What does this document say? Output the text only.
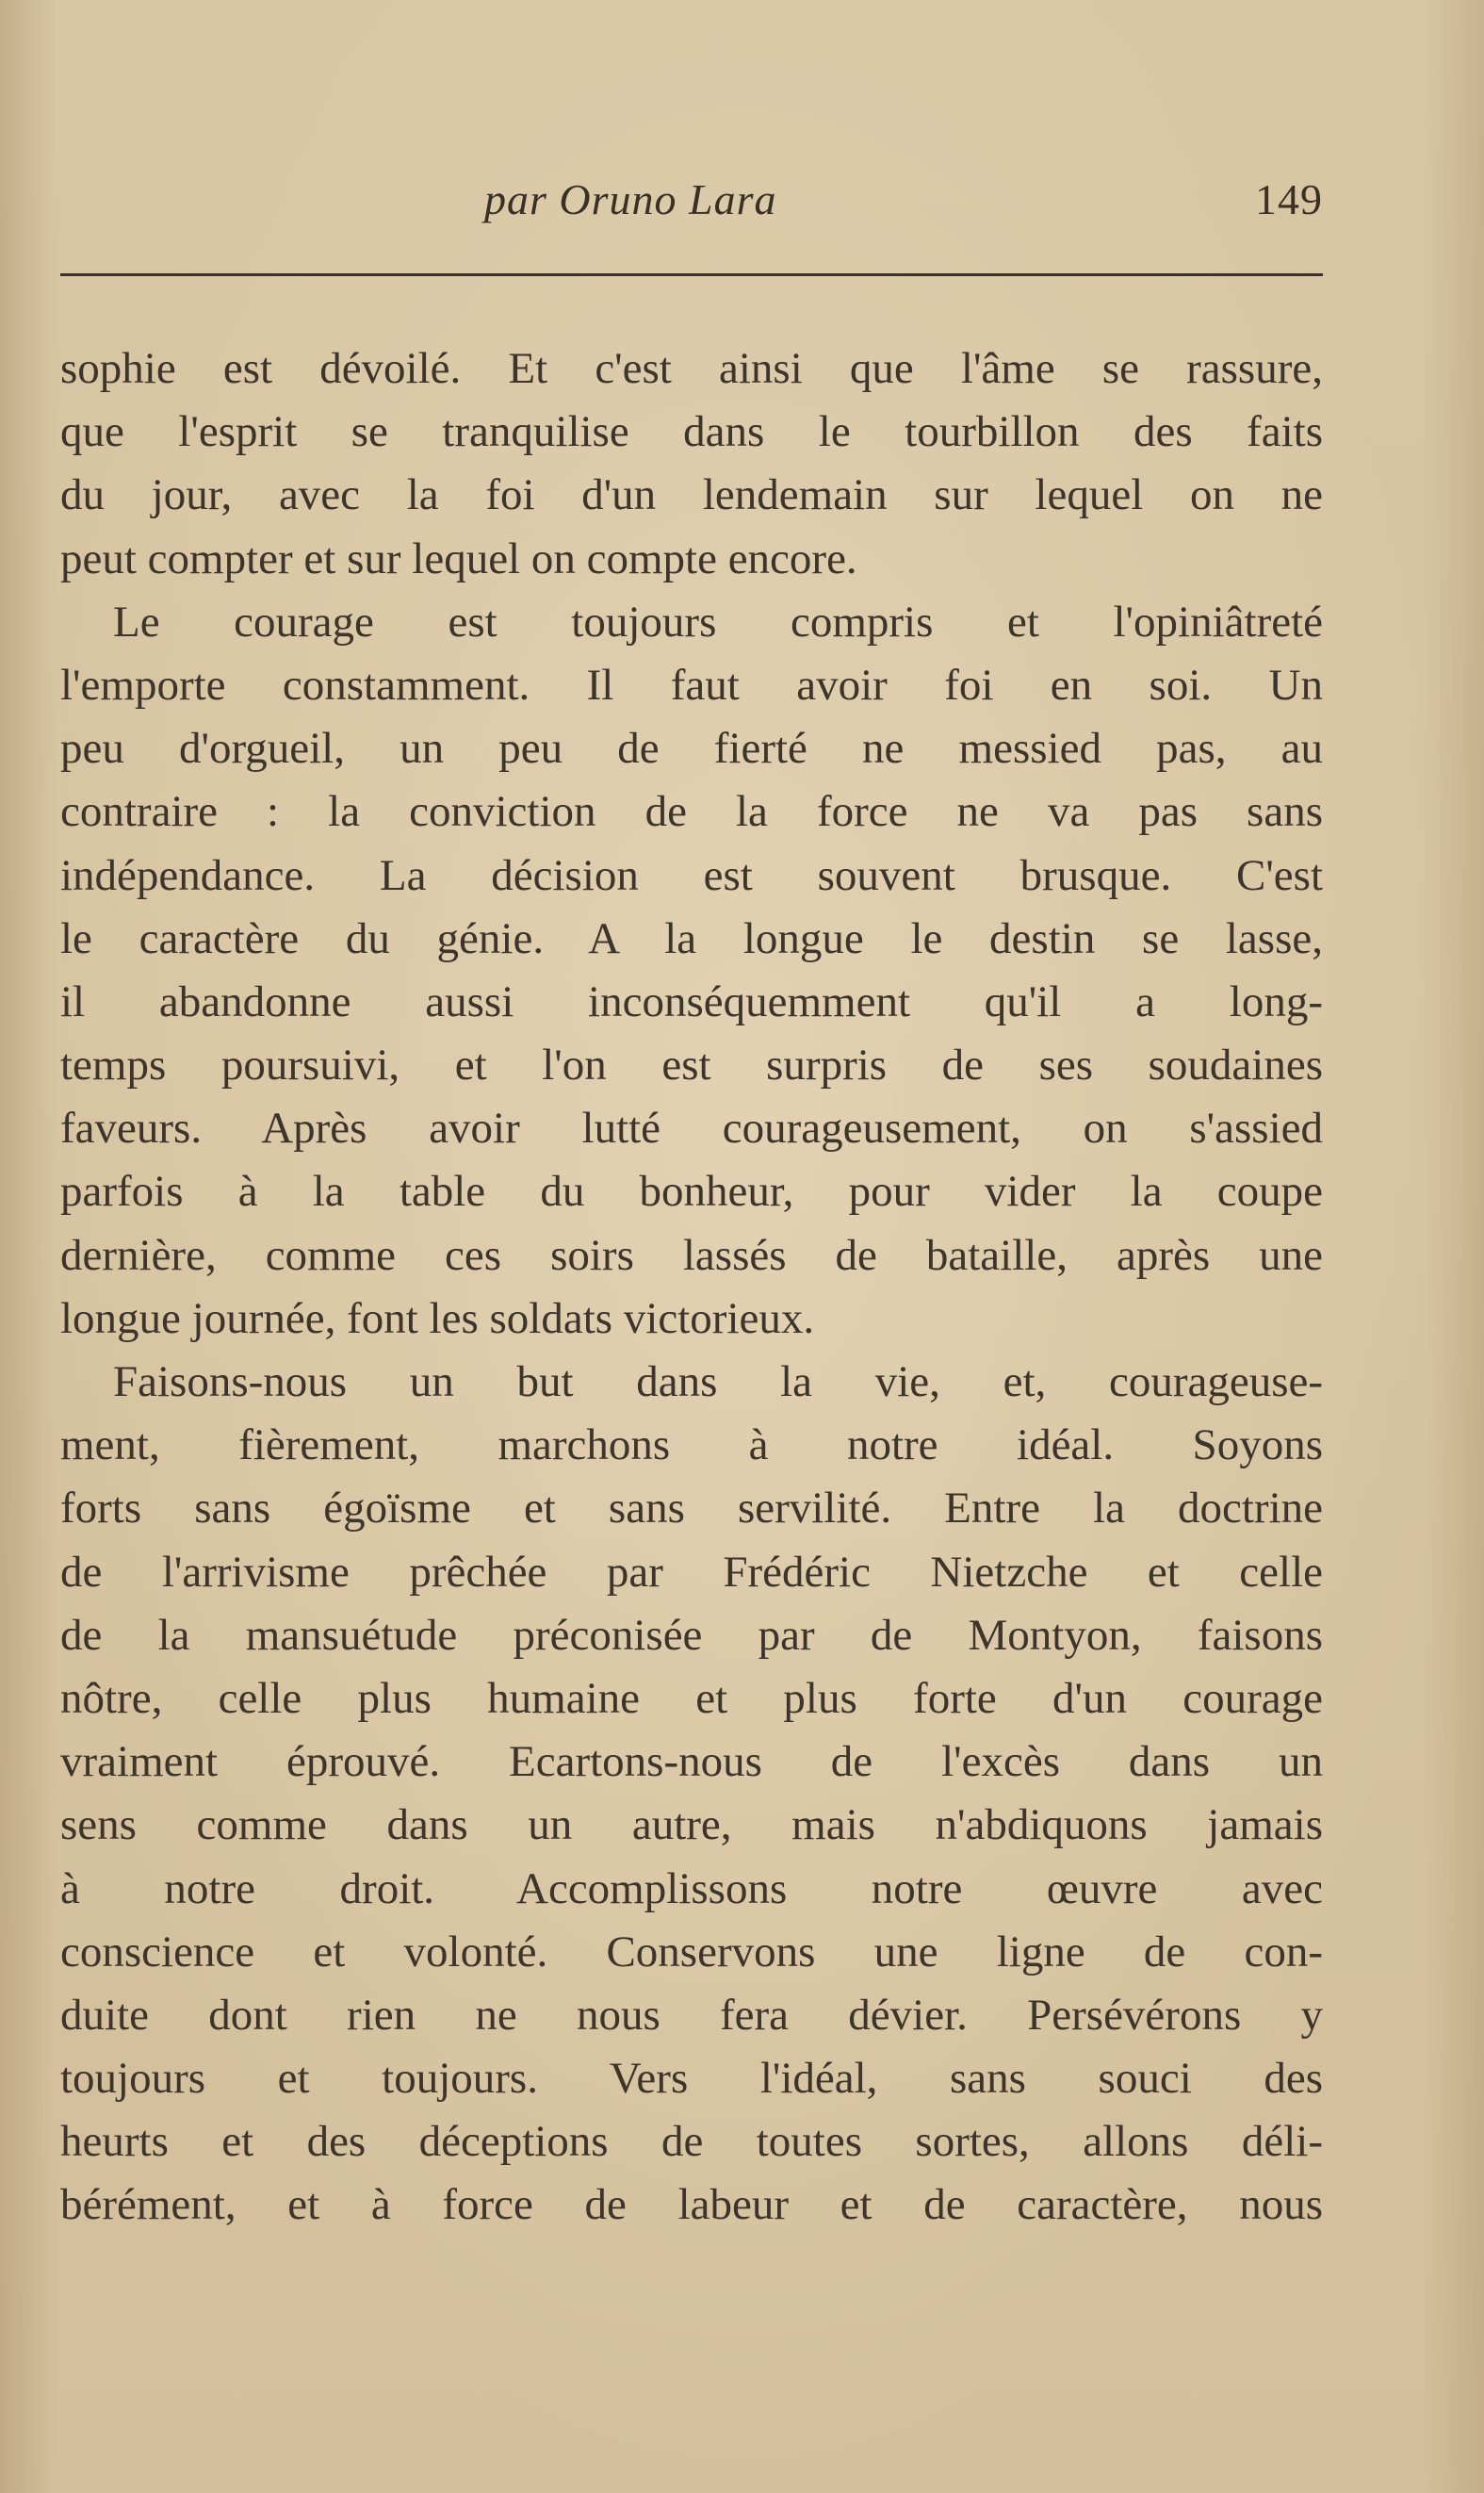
par Oruno Lara	149
sophie est dévoilé. Et c'est ainsi que l'âme se rassure,
que l'esprit se tranquilise dans le tourbillon des faits
du jour, avec la foi d'un lendemain sur lequel on ne
peut compter et sur lequel on compte encore.
Le courage est toujours compris et l'opiniâtreté
l'emporte constamment. Il faut avoir foi en soi. Un
peu d'orgueil, un peu de fierté ne messied pas, au
contraire : la conviction de la force ne va pas sans
indépendance. La décision est souvent brusque. C'est
le caractère du génie. A la longue le destin se lasse,
il abandonne aussi inconséquemment qu'il a long-
temps poursuivi, et l'on est surpris de ses soudaines
faveurs. Après avoir lutté courageusement, on s'assied
parfois à la table du bonheur, pour vider la coupe
dernière, comme ces soirs lassés de bataille, après une
longue journée, font les soldats victorieux.
Faisons-nous un but dans la vie, et, courageuse-
ment, fièrement, marchons à notre idéal. Soyons
forts sans égoïsme et sans servilité. Entre la doctrine
de l'arrivisme prêchée par Frédéric Nietzche et celle
de la mansuétude préconisée par de Montyon, faisons
nôtre, celle plus humaine et plus forte d'un courage
vraiment éprouvé. Ecartons-nous de l'excès dans un
sens comme dans un autre, mais n'abdiquons jamais
à notre droit. Accomplissons notre œuvre avec
conscience et volonté. Conservons une ligne de con-
duite dont rien ne nous fera dévier. Persévérons y
toujours et toujours. Vers l'idéal, sans souci des
heurts et des déceptions de toutes sortes, allons déli-
bérément, et à force de labeur et de caractère, nous
